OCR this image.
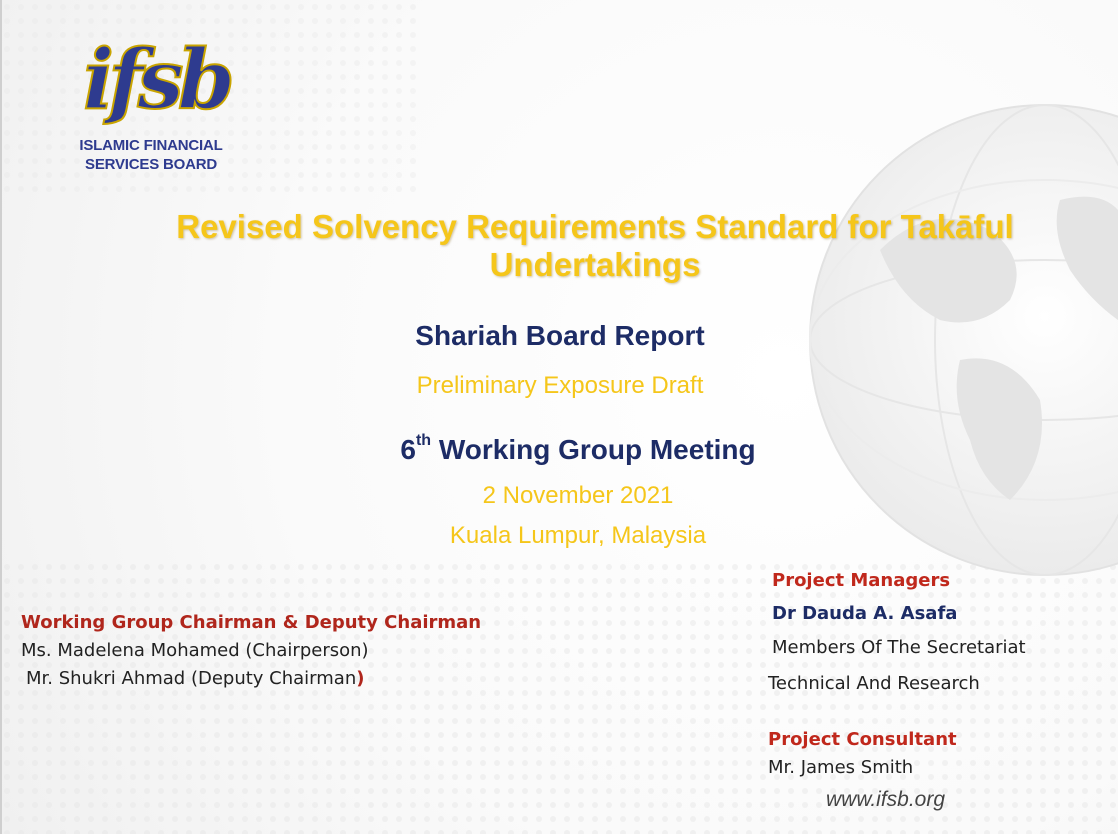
ifsb
ISLAMIC FINANCIAL
SERVICES BOARD
Revised Solvency Requirements Standard for Takāful
Undertakings
Shariah Board Report
Preliminary Exposure Draft
6th Working Group Meeting
2 November 2021
Kuala Lumpur, Malaysia
Working Group Chairman & Deputy Chairman
Ms. Madelena Mohamed (Chairperson)
Mr. Shukri Ahmad (Deputy Chairman)
Project Managers
Dr Dauda A. Asafa
Members Of The Secretariat
Technical And Research
Project Consultant
Mr. James Smith
www.ifsb.org
